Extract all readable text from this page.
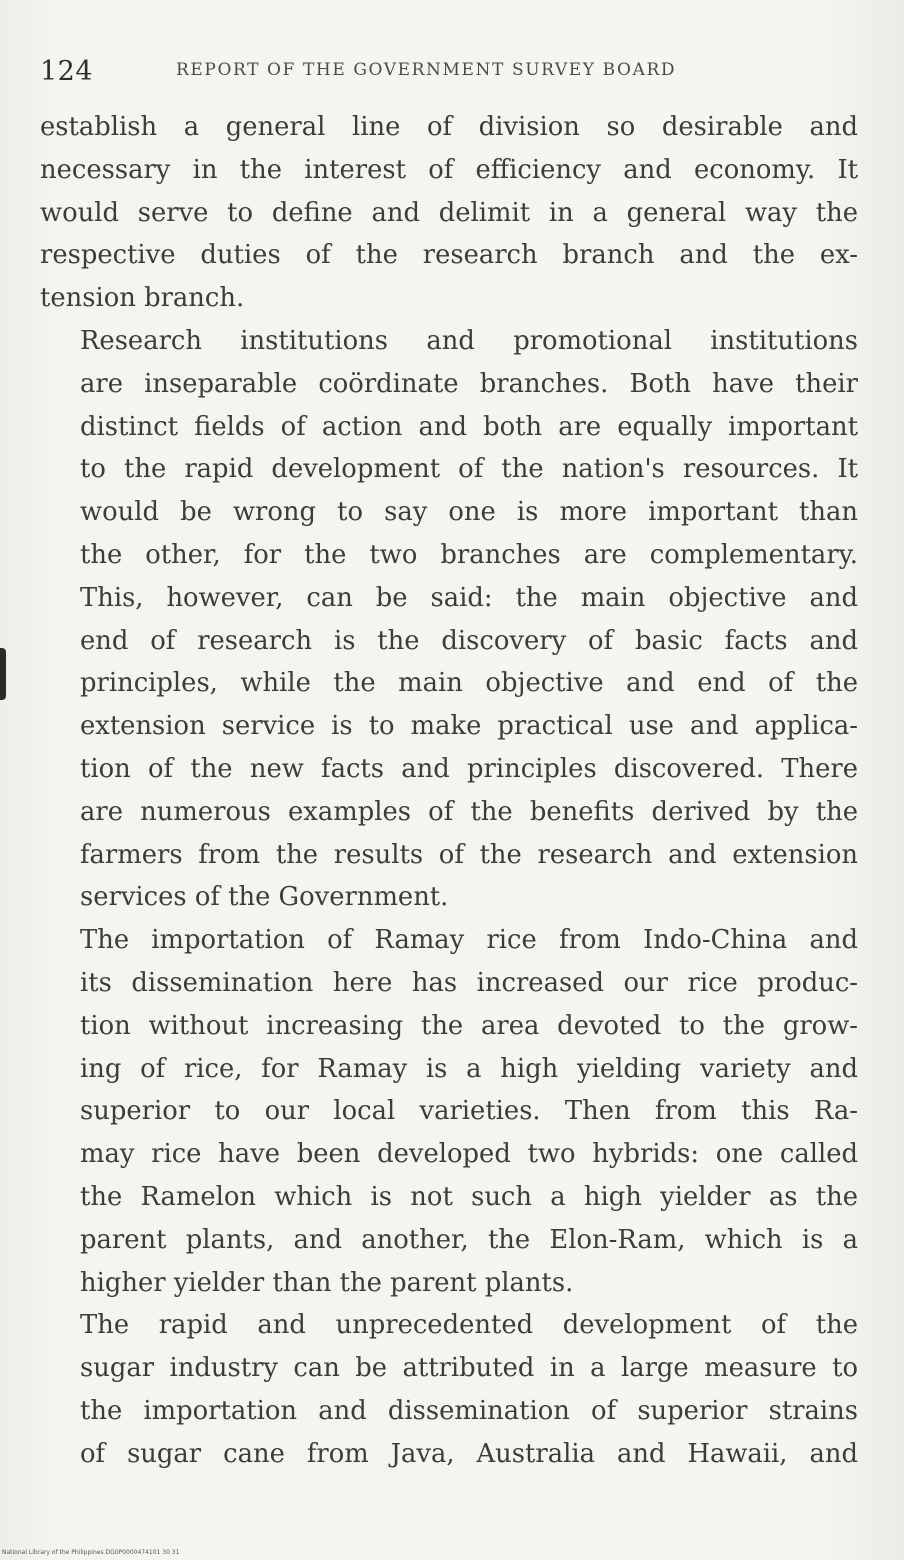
124	REPORT OF THE GOVERNMENT SURVEY BOARD

establish a general line of division so desirable and
necessary in the interest of efficiency and economy. It
would serve to define and delimit in a general way the
respective duties of the research branch and the ex-
tension branch.

Research institutions and promotional institutions
are inseparable coördinate branches. Both have their
distinct fields of action and both are equally important
to the rapid development of the nation's resources. It
would be wrong to say one is more important than
the other, for the two branches are complementary.
This, however, can be said: the main objective and
end of research is the discovery of basic facts and
principles, while the main objective and end of the
extension service is to make practical use and applica-
tion of the new facts and principles discovered. There
are numerous examples of the benefits derived by the
farmers from the results of the research and extension
services of the Government.

The importation of Ramay rice from Indo-China and
its dissemination here has increased our rice produc-
tion without increasing the area devoted to the grow-
ing of rice, for Ramay is a high yielding variety and
superior to our local varieties. Then from this Ra-
may rice have been developed two hybrids: one called
the Ramelon which is not such a high yielder as the
parent plants, and another, the Elon-Ram, which is a
higher yielder than the parent plants.

The rapid and unprecedented development of the
sugar industry can be attributed in a large measure to
the importation and dissemination of superior strains
of sugar cane from Java, Australia and Hawaii, and

National Library of the Philippines DG0P0000474101 30 31
